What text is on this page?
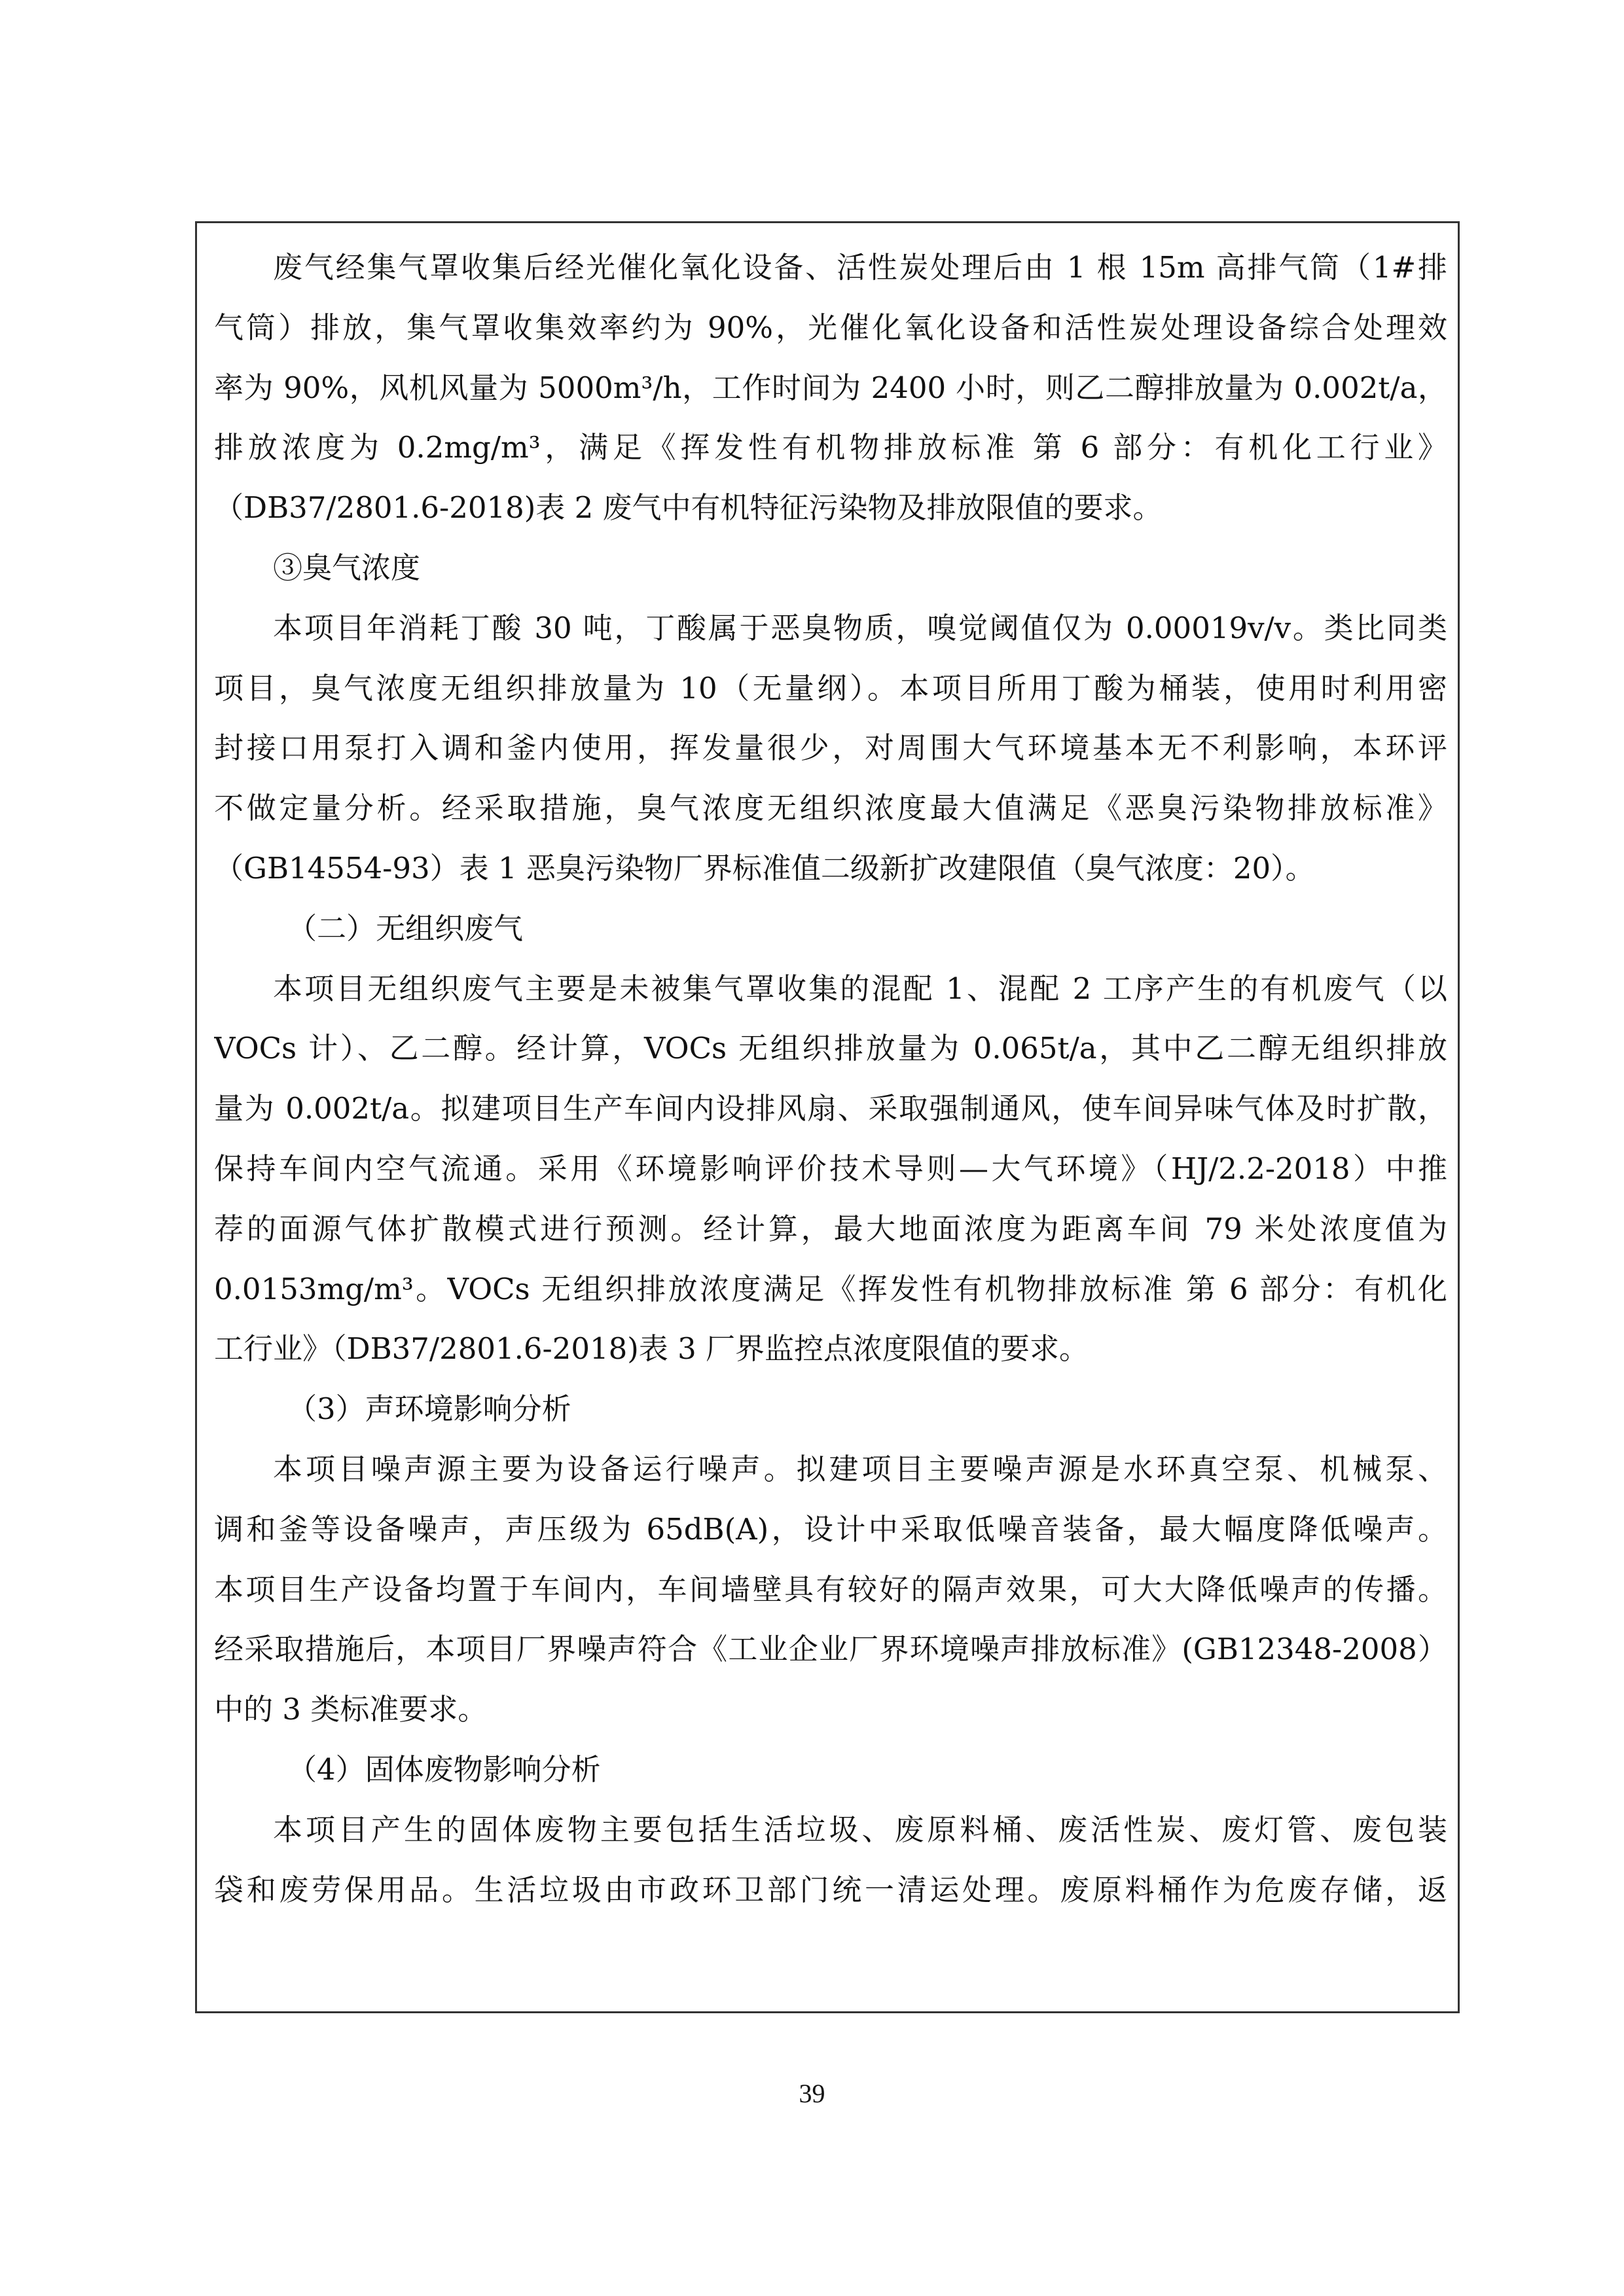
废气经集气罩收集后经光催化氧化设备、活性炭处理后由 1 根 15m 高排气筒（1#排
气筒）排放，集气罩收集效率约为 90%，光催化氧化设备和活性炭处理设备综合处理效
率为 90%，风机风量为 5000m³/h，工作时间为 2400 小时，则乙二醇排放量为 0.002t/a，
排放浓度为 0.2mg/m³，满足《挥发性有机物排放标准 第 6 部分：有机化工行业》
（DB37/2801.6-2018)表 2 废气中有机特征污染物及排放限值的要求。
③臭气浓度
本项目年消耗丁酸 30 吨，丁酸属于恶臭物质，嗅觉阈值仅为 0.00019v/v。类比同类
项目，臭气浓度无组织排放量为 10（无量纲）。本项目所用丁酸为桶装，使用时利用密
封接口用泵打入调和釜内使用，挥发量很少，对周围大气环境基本无不利影响，本环评
不做定量分析。经采取措施，臭气浓度无组织浓度最大值满足《恶臭污染物排放标准》
（GB14554-93）表 1 恶臭污染物厂界标准值二级新扩改建限值（臭气浓度：20）。
（二）无组织废气
本项目无组织废气主要是未被集气罩收集的混配 1、混配 2 工序产生的有机废气（以
VOCs 计）、乙二醇。经计算，VOCs 无组织排放量为 0.065t/a，其中乙二醇无组织排放
量为 0.002t/a。拟建项目生产车间内设排风扇、采取强制通风，使车间异味气体及时扩散，
保持车间内空气流通。采用《环境影响评价技术导则—大气环境》（HJ/2.2-2018）中推
荐的面源气体扩散模式进行预测。经计算，最大地面浓度为距离车间 79 米处浓度值为
0.0153mg/m³。VOCs 无组织排放浓度满足《挥发性有机物排放标准 第 6 部分：有机化
工行业》（DB37/2801.6-2018)表 3 厂界监控点浓度限值的要求。
（3）声环境影响分析
本项目噪声源主要为设备运行噪声。拟建项目主要噪声源是水环真空泵、机械泵、
调和釜等设备噪声，声压级为 65dB(A)，设计中采取低噪音装备，最大幅度降低噪声。
本项目生产设备均置于车间内，车间墙壁具有较好的隔声效果，可大大降低噪声的传播。
经采取措施后，本项目厂界噪声符合《工业企业厂界环境噪声排放标准》(GB12348-2008）
中的 3 类标准要求。
（4）固体废物影响分析
本项目产生的固体废物主要包括生活垃圾、废原料桶、废活性炭、废灯管、废包装
袋和废劳保用品。生活垃圾由市政环卫部门统一清运处理。废原料桶作为危废存储，返
39
